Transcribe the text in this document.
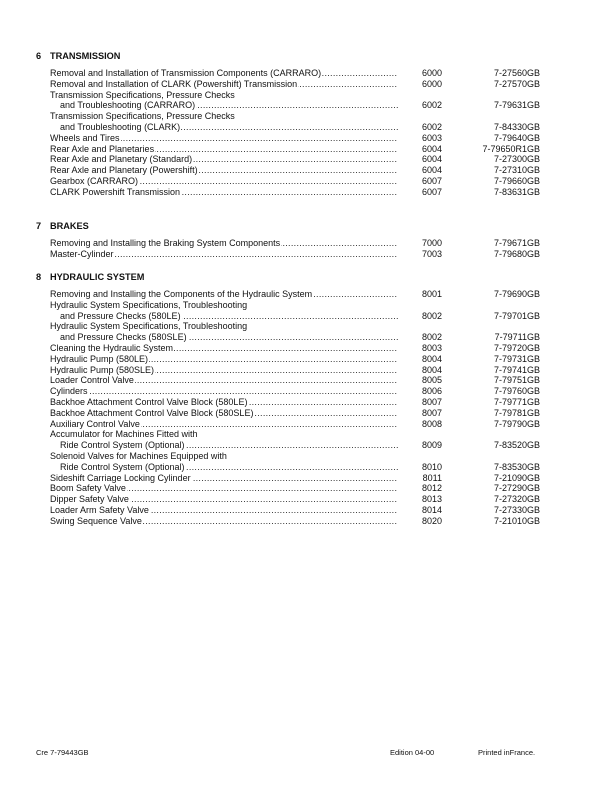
6 TRANSMISSION
Removal and Installation of Transmission Components (CARRARO) .....	6000	7-27560GB
Removal and Installation of CLARK (Powershift) Transmission .....	6000	7-27570GB
Transmission Specifications, Pressure Checks
and Troubleshooting (CARRARO) .....	6002	7-79631GB
Transmission Specifications, Pressure Checks
and Troubleshooting (CLARK) .....	6002	7-84330GB
Wheels and Tires .....	6003	7-79640GB
Rear Axle and Planetaries .....	6004	7-79650R1GB
Rear Axle and Planetary (Standard) .....	6004	7-27300GB
Rear Axle and Planetary (Powershift) .....	6004	7-27310GB
Gearbox (CARRARO) .....	6007	7-79660GB
CLARK Powershift Transmission .....	6007	7-83631GB
7 BRAKES
Removing and Installing the Braking System Components .....	7000	7-79671GB
Master-Cylinder .....	7003	7-79680GB
8 HYDRAULIC SYSTEM
Removing and Installing the Components of the Hydraulic System .....	8001	7-79690GB
Hydraulic System Specifications, Troubleshooting
and Pressure Checks (580LE) .....	8002	7-79701GB
Hydraulic System Specifications, Troubleshooting
and Pressure Checks (580SLE) .....	8002	7-79711GB
Cleaning the Hydraulic System .....	8003	7-79720GB
Hydraulic Pump (580LE) .....	8004	7-79731GB
Hydraulic Pump (580SLE) .....	8004	7-79741GB
Loader Control Valve .....	8005	7-79751GB
Cylinders .....	8006	7-79760GB
Backhoe Attachment Control Valve Block (580LE) .....	8007	7-79771GB
Backhoe Attachment Control Valve Block (580SLE) .....	8007	7-79781GB
Auxiliary Control Valve .....	8008	7-79790GB
Accumulator for Machines Fitted with
Ride Control System (Optional) .....	8009	7-83520GB
Solenoid Valves for Machines Equipped with
Ride Control System (Optional) .....	8010	7-83530GB
Sideshift Carriage Locking Cylinder .....	8011	7-21090GB
Boom Safety Valve .....	8012	7-27290GB
Dipper Safety Valve .....	8013	7-27320GB
Loader Arm Safety Valve .....	8014	7-27330GB
Swing Sequence Valve .....	8020	7-21010GB
Cre 7-79443GB	Edition 04-00	Printed inFrance.
